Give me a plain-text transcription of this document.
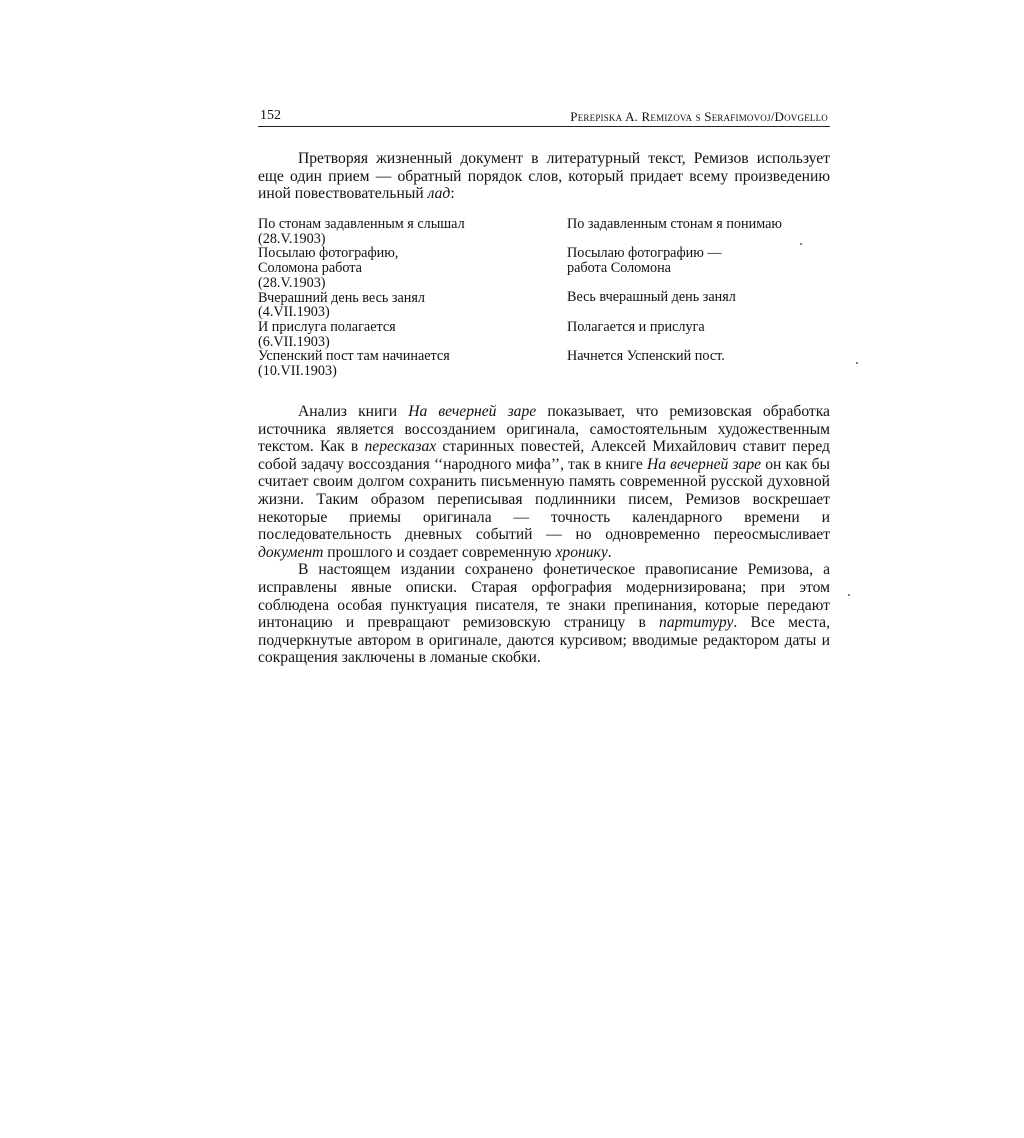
152	Perepiska A. Remizova s Serafimovoj/Dovgello

Претворяя жизненный документ в литературный текст, Ремизов использует еще один прием — обратный порядок слов, который придает всему произведению иной повествовательный лад:

По стонам задавленным я слышал
(28.V.1903)
Посылаю фотографию,
Соломона работа
(28.V.1903)
Вчерашний день весь занял
(4.VII.1903)
И прислуга полагается
(6.VII.1903)
Успенский пост там начинается
(10.VII.1903)
По задавленным стонам я понимаю
Посылаю фотографию —
работа Соломона
Весь вчерашный день занял
Полагается и прислуга
Начнется Успенский пост.

Анализ книги На вечерней заре показывает, что ремизовская обработка источника является воссозданием оригинала, самостоятельным художественным текстом. Как в пересказах старинных повестей, Алексей Михайлович ставит перед собой задачу воссоздания ‘‘народного мифа’’, так в книге На вечерней заре он как бы считает своим долгом сохранить письменную память современной русской духовной жизни. Таким образом переписывая подлинники писем, Ремизов воскрешает некоторые приемы оригинала — точность календарного времени и последовательность дневных событий — но одновременно переосмысливает документ прошлого и создает современную хронику.

В настоящем издании сохранено фонетическое правописание Ремизова, а исправлены явные описки. Старая орфография модернизирована; при этом соблюдена особая пунктуация писателя, те знаки препинания, которые передают интонацию и превращают ремизовскую страницу в партитуру. Все места, подчеркнутые автором в оригинале, даются курсивом; вводимые редактором даты и сокращения заключены в ломаные скобки.
